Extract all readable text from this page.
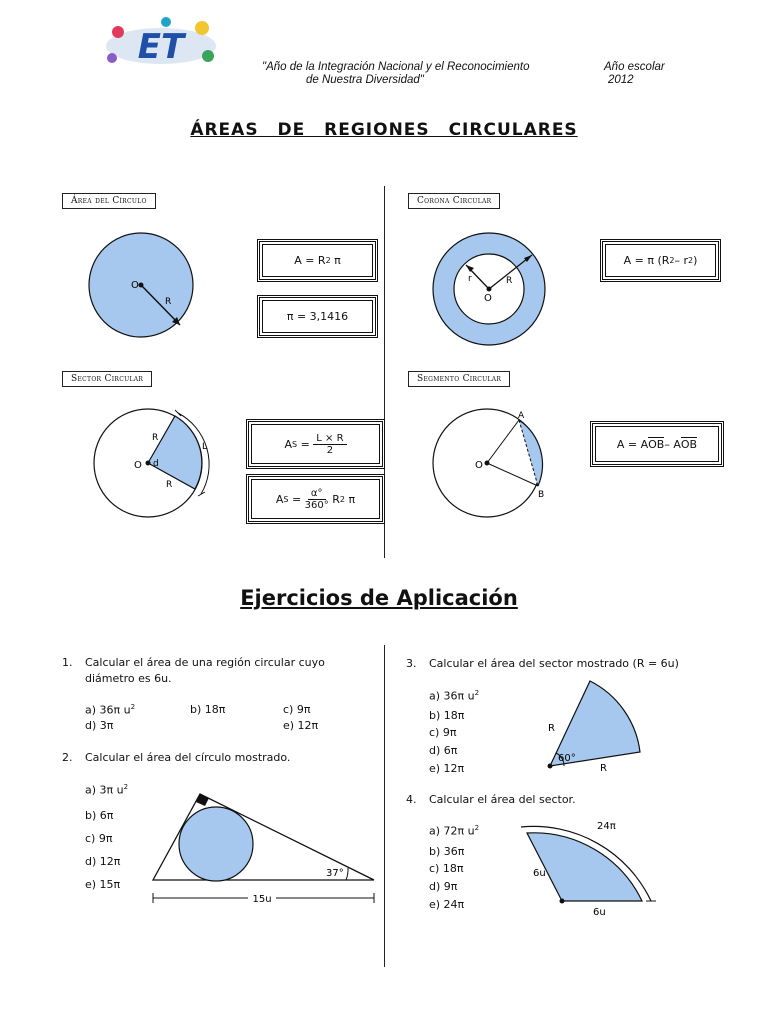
ET	"Año de la Integración Nacional y el Reconocimiento
de Nuestra Diversidad"
Año escolar
2012
ÁREAS DE REGIONES CIRCULARES
Área del Círculo	Corona Circular
Sector Circular	Segmento Circular
O
R
A = R 2
π
π = 3,1416
r	R
O
A = π (R 2 – r 2 )
O d
R
R
L	A S
=
$\frac{L \times R}{2}$
A S
=
$\frac{\alpha^\circ}{360^\circ}$
R 2
π
O
A
B
A = A OB – A OB
Ejercicios de Aplicación
1. Calcular el área de una región circular cuyo
diámetro es 6u.
a) 36π $u^2$	b) 18π	c) 9π
d) 3π	e) 12π
2. Calcular el área del círculo mostrado.
a) 3π $u^2$
b) 6π
c) 9π
d) 12π
e) 15π
37°
15u
3. Calcular el área del sector mostrado (R = 6u)
a) 36π $u^2$
b) 18π
c) 9π
d) 6π
e) 12π
R
R
60°
4. Calcular el área del sector.
a) 72π $u^2$
b) 36π
c) 18π
d) 9π
e) 24π
24π
6u
6u
